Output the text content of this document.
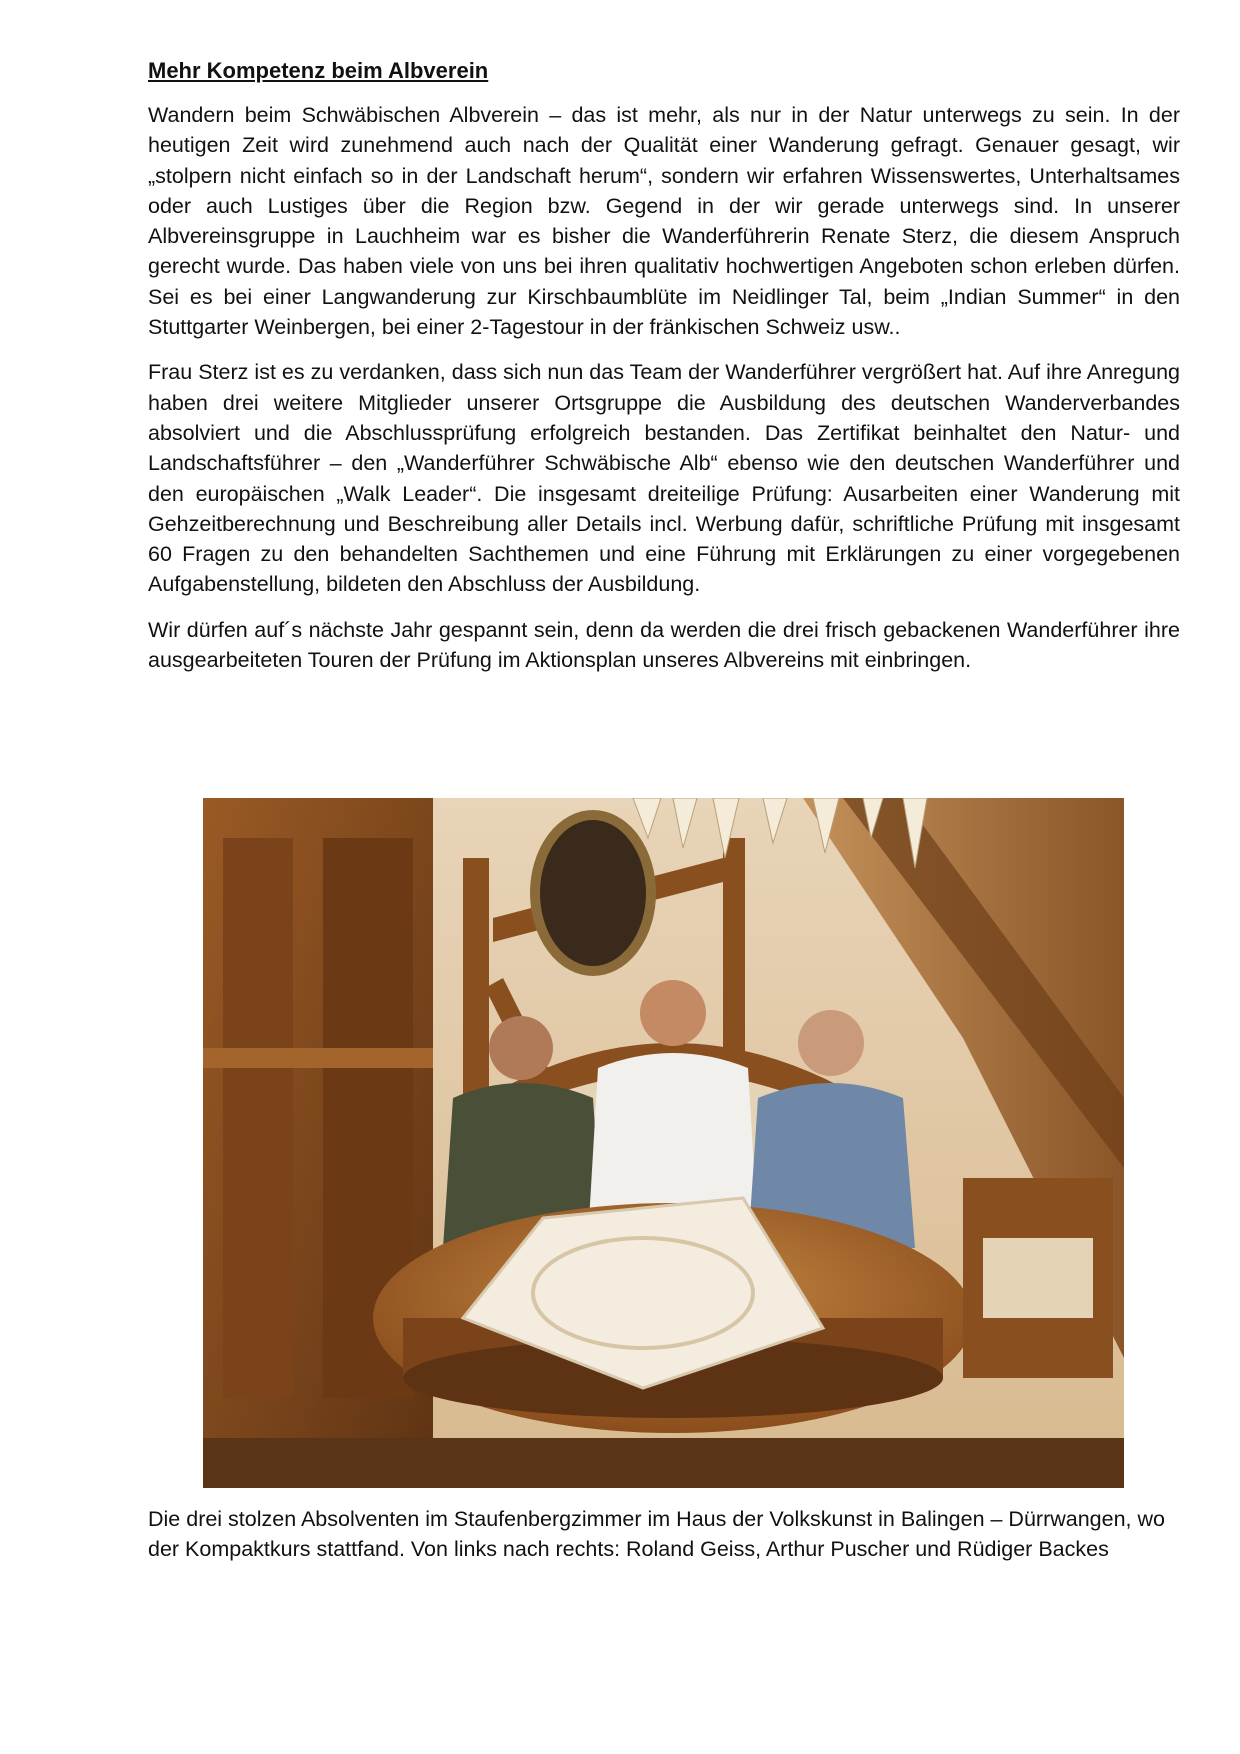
Mehr Kompetenz beim Albverein

Wandern beim Schwäbischen Albverein – das ist mehr, als nur in der Natur unterwegs zu sein. In der heutigen Zeit wird zunehmend auch nach der Qualität einer Wanderung gefragt. Genauer gesagt, wir „stolpern nicht einfach so in der Landschaft herum“, sondern wir erfahren Wissenswertes, Unterhaltsames oder auch Lustiges über die Region bzw. Gegend in der wir gerade unterwegs sind. In unserer Albvereinsgruppe in Lauchheim war es bisher die Wanderführerin Renate Sterz, die diesem Anspruch gerecht wurde. Das haben viele von uns bei ihren qualitativ hochwertigen Angeboten schon erleben dürfen. Sei es bei einer Langwanderung zur Kirschbaumblüte im Neidlinger Tal, beim „Indian Summer“ in den Stuttgarter Weinbergen, bei einer 2-Tagestour in der fränkischen Schweiz usw..

Frau Sterz ist es zu verdanken, dass sich nun das Team der Wanderführer vergrößert hat. Auf ihre Anregung haben drei weitere Mitglieder unserer Ortsgruppe die Ausbildung des deutschen Wanderverbandes absolviert und die Abschlussprüfung erfolgreich bestanden. Das Zertifikat beinhaltet den Natur- und Landschaftsführer – den „Wanderführer Schwäbische Alb“ ebenso wie den deutschen Wanderführer und den europäischen „Walk Leader“. Die insgesamt dreiteilige Prüfung: Ausarbeiten einer Wanderung mit Gehzeitberechnung und Beschreibung aller Details incl. Werbung dafür, schriftliche Prüfung mit insgesamt 60 Fragen zu den behandelten Sachthemen und eine Führung mit Erklärungen zu einer vorgegebenen Aufgabenstellung, bildeten den Abschluss der Ausbildung.

Wir dürfen auf´s nächste Jahr gespannt sein, denn da werden die drei frisch gebackenen Wanderführer ihre ausgearbeiteten Touren der Prüfung im Aktionsplan unseres Albvereins mit einbringen.

Die drei stolzen Absolventen im Staufenbergzimmer im Haus der Volkskunst in Balingen – Dürrwangen, wo der Kompaktkurs stattfand. Von links nach rechts: Roland Geiss, Arthur Puscher und Rüdiger Backes
